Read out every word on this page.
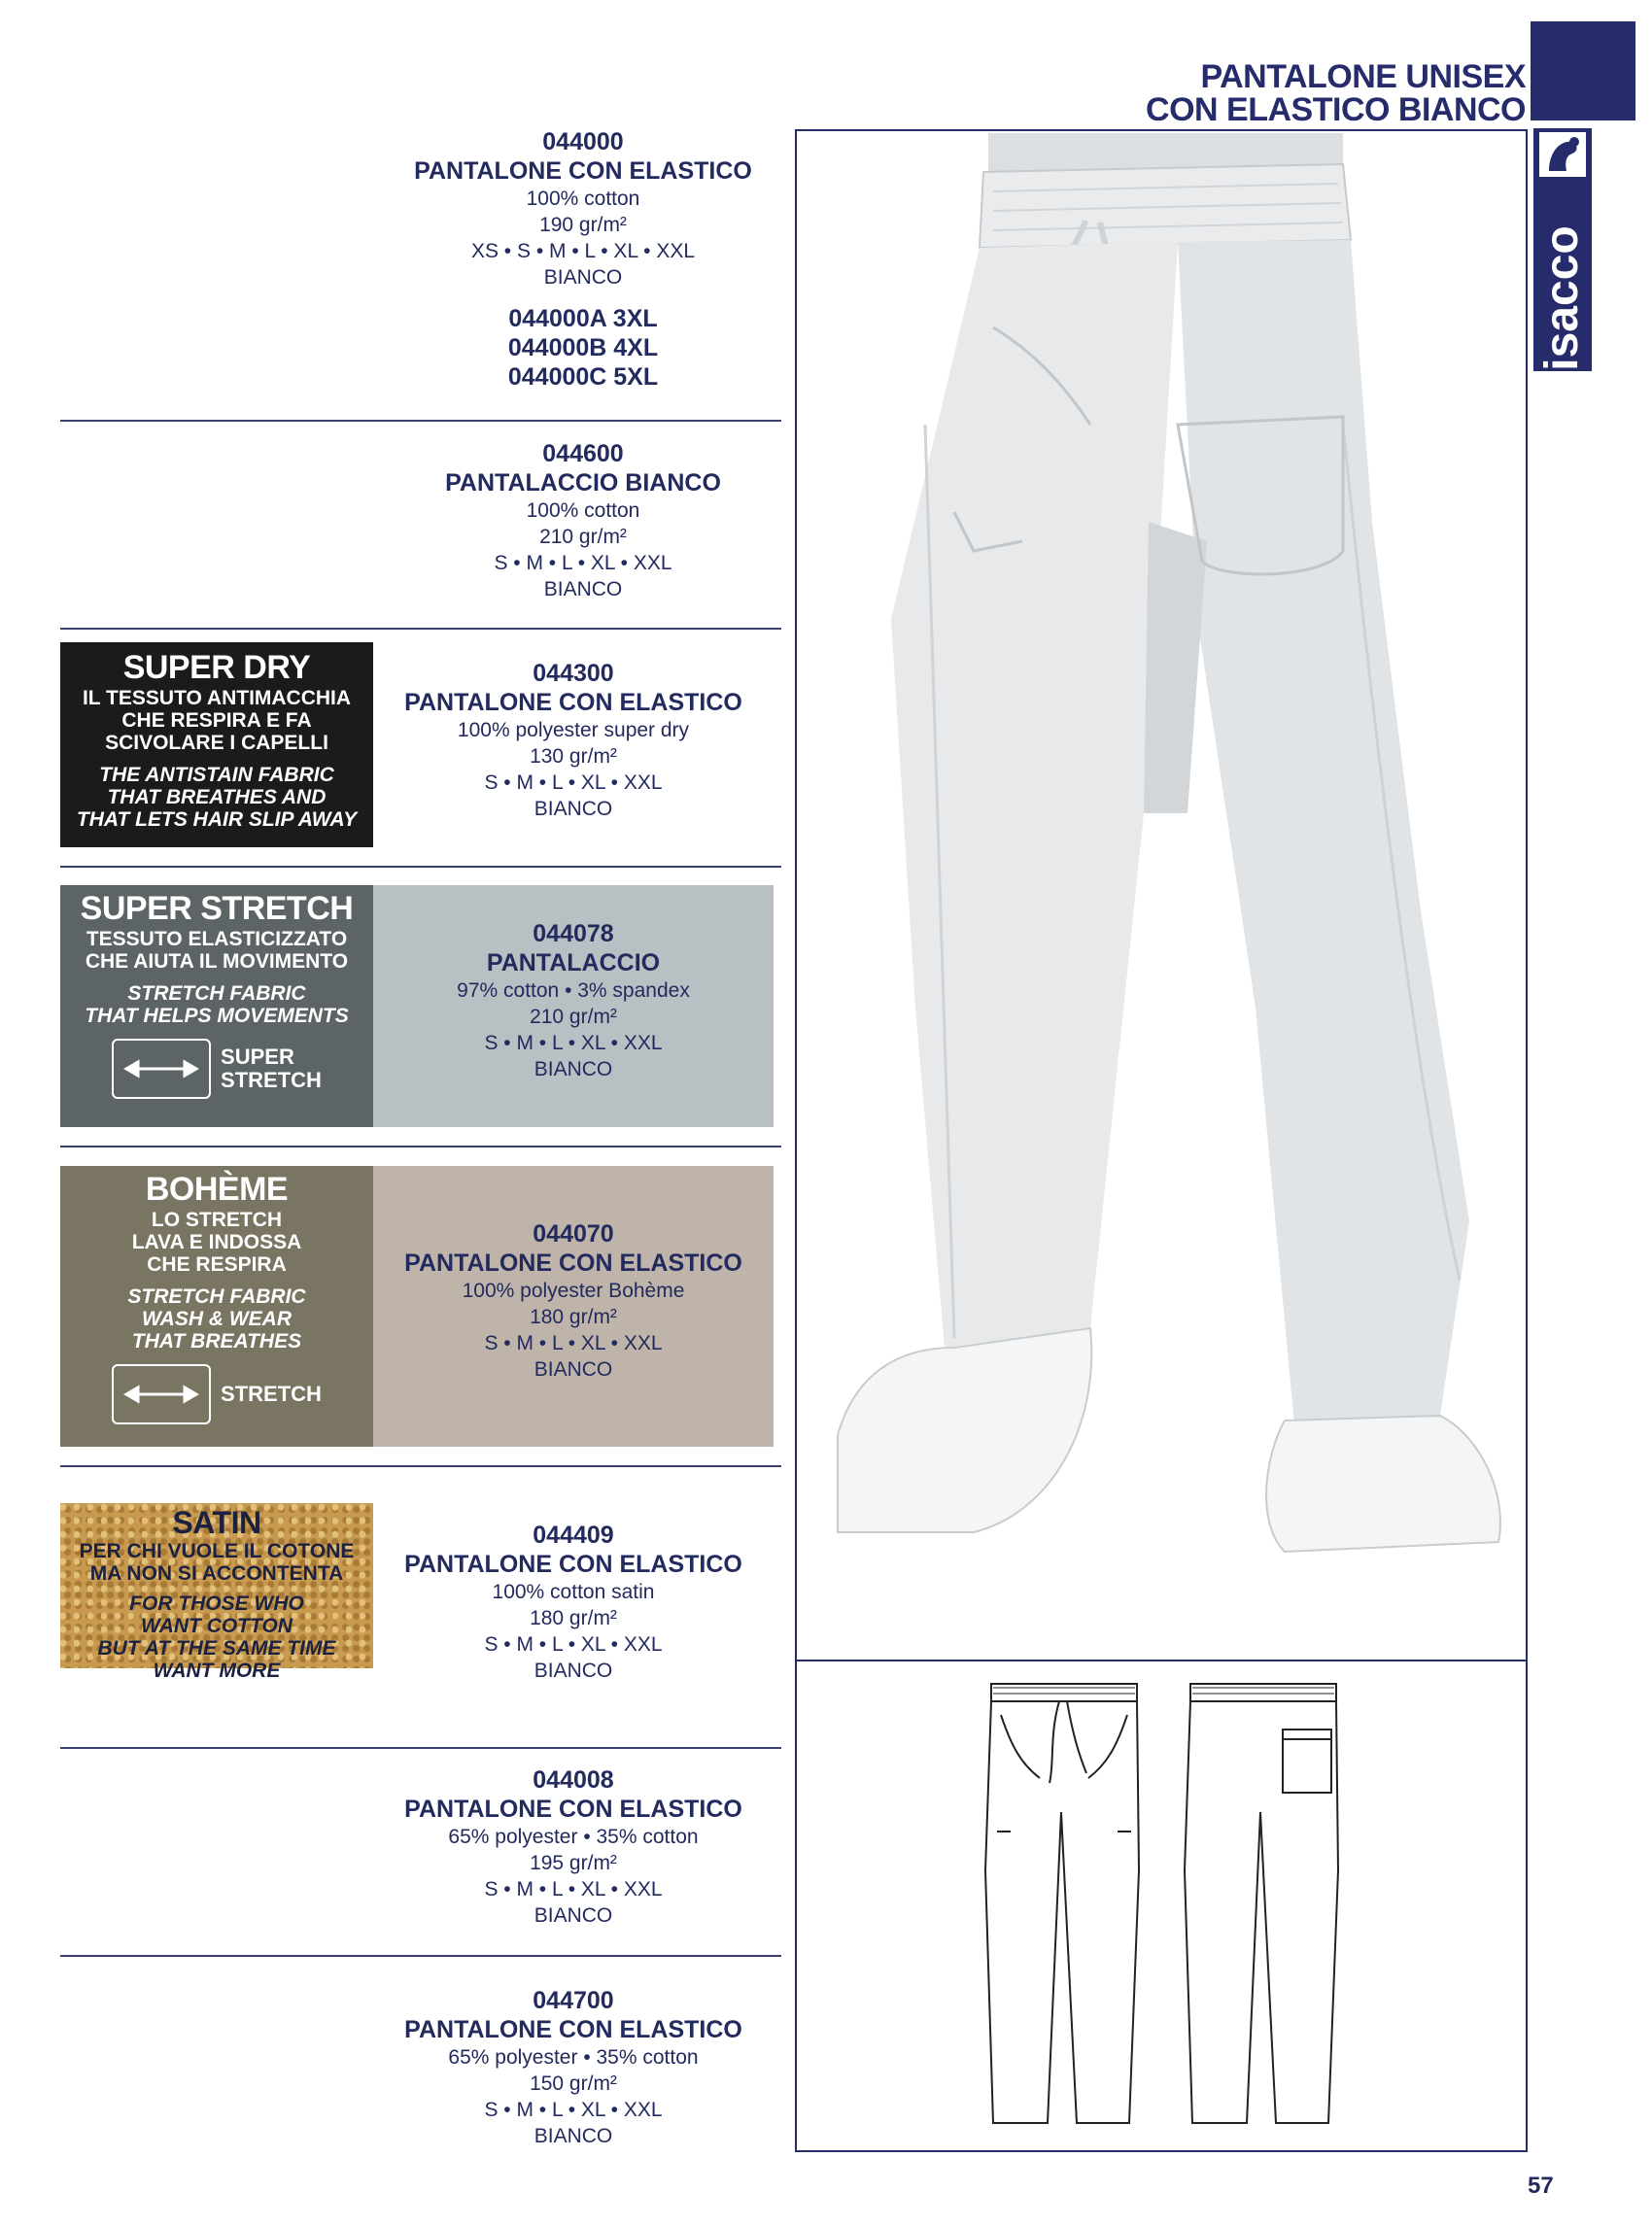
PANTALONE UNISEX
CON ELASTICO BIANCO
isacco
044000
PANTALONE CON ELASTICO
100% cotton
190 gr/m²
XS • S • M • L • XL • XXL
BIANCO
044000A 3XL
044000B 4XL
044000C 5XL
044600
PANTALACCIO BIANCO
100% cotton
210 gr/m²
S • M • L • XL • XXL
BIANCO
044300
PANTALONE CON ELASTICO
100% polyester super dry
130 gr/m²
S • M • L • XL • XXL
BIANCO
044078
PANTALACCIO
97% cotton • 3% spandex
210 gr/m²
S • M • L • XL • XXL
BIANCO
044070
PANTALONE CON ELASTICO
100% polyester Bohème
180 gr/m²
S • M • L • XL • XXL
BIANCO
044409
PANTALONE CON ELASTICO
100% cotton satin
180 gr/m²
S • M • L • XL • XXL
BIANCO
044008
PANTALONE CON ELASTICO
65% polyester • 35% cotton
195 gr/m²
S • M • L • XL • XXL
BIANCO
044700
PANTALONE CON ELASTICO
65% polyester • 35% cotton
150 gr/m²
S • M • L • XL • XXL
BIANCO
SUPER DRY
IL TESSUTO ANTIMACCHIA
CHE RESPIRA E FA
SCIVOLARE I CAPELLI
THE ANTISTAIN FABRIC
THAT BREATHES AND
THAT LETS HAIR SLIP AWAY
SUPER STRETCH
TESSUTO ELASTICIZZATO
CHE AIUTA IL MOVIMENTO
STRETCH FABRIC
THAT HELPS MOVEMENTS
SUPER
STRETCH
BOHÈME
LO STRETCH
LAVA E INDOSSA
CHE RESPIRA
STRETCH FABRIC
WASH & WEAR
THAT BREATHES
STRETCH
SATIN
PER CHI VUOLE IL COTONE
MA NON SI ACCONTENTA
FOR THOSE WHO
WANT COTTON
BUT AT THE SAME TIME
WANT MORE
57
